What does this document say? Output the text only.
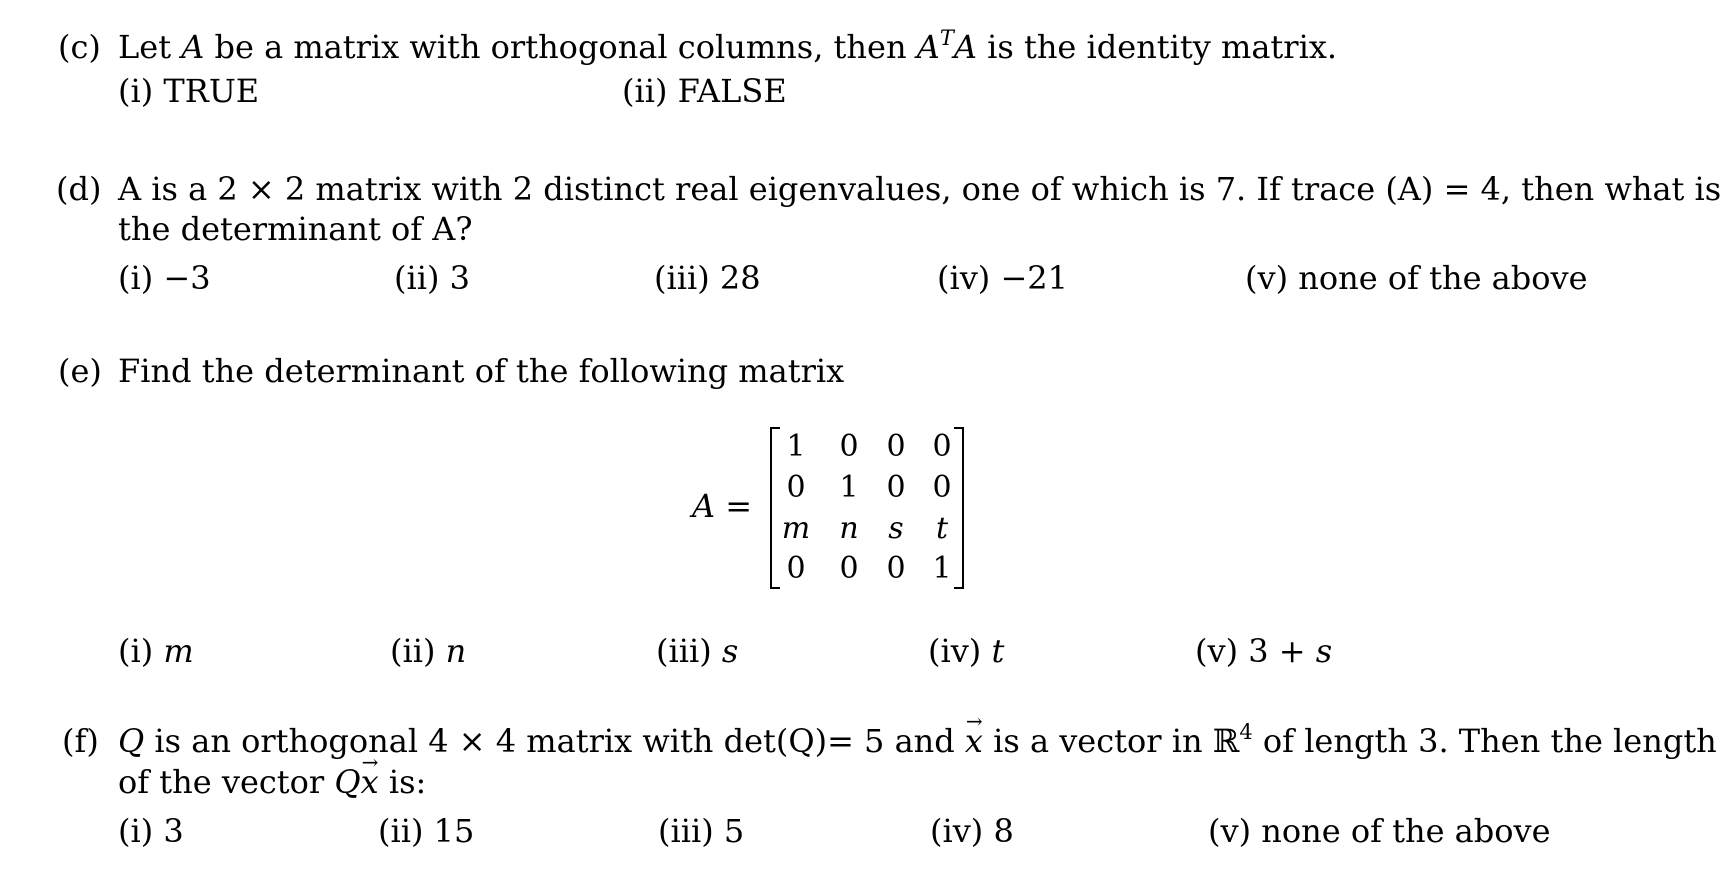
(c) Let A be a matrix with orthogonal columns, then $A^TA$ is the identity matrix.
(i) TRUE	(ii) FALSE
(d) A is a 2 × 2 matrix with 2 distinct real eigenvalues, one of which is 7. If trace (A) = 4, then what is
the determinant of A?
(i) −3	(ii) 3	(iii) 28	(iv) −21	(v) none of the above
(e) Find the determinant of the following matrix
A =
1	0 0 0
0	1 0 0
m n s	t
0	0 0 1
(i) m	(ii) n	(iii) s	(iv) t	(v) 3 + s
(f) Q is an orthogonal 4 × 4 matrix with det(Q)= 5 and x → is a vector in ℝ$^4$ of length 3. Then the length
of the vector Qx → is:
(i) 3	(ii) 15	(iii) 5	(iv) 8	(v) none of the above
